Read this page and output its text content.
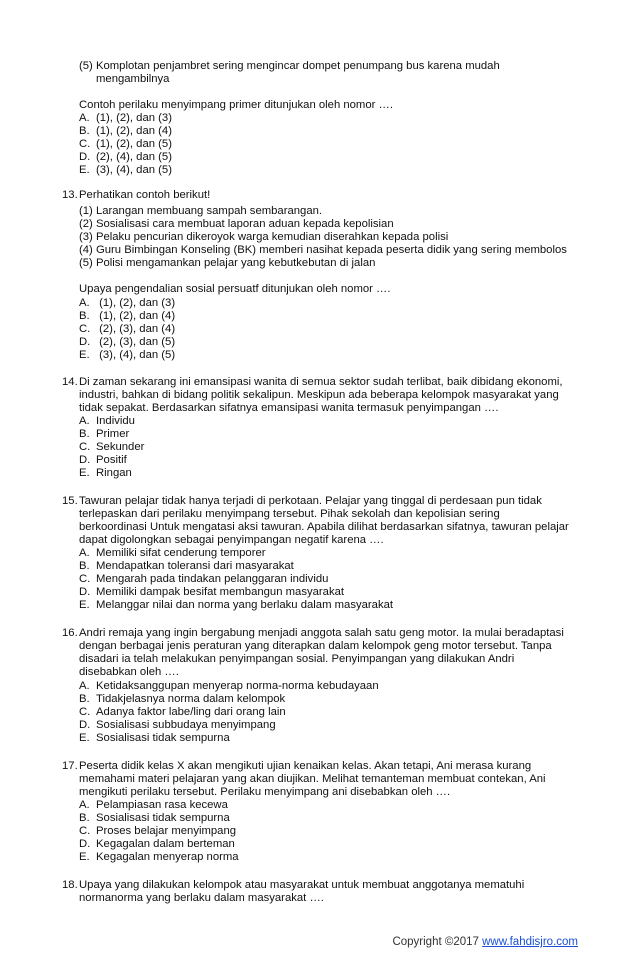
(5) Komplotan penjambret sering mengincar dompet penumpang bus karena mudah
mengambilnya
Contoh perilaku menyimpang primer ditunjukan oleh nomor ….
A. (1), (2), dan (3)
B. (1), (2), dan (4)
C. (1), (2), dan (5)
D. (2), (4), dan (5)
E. (3), (4), dan (5)
13. Perhatikan contoh berikut!
(1) Larangan membuang sampah sembarangan.
(2) Sosialisasi cara membuat laporan aduan kepada kepolisian
(3) Pelaku pencurian dikeroyok warga kemudian diserahkan kepada polisi
(4) Guru Bimbingan Konseling (BK) memberi nasihat kepada peserta didik yang sering membolos
(5) Polisi mengamankan pelajar yang kebutkebutan di jalan
Upaya pengendalian sosial persuatf ditunjukan oleh nomor ….
A. (1), (2), dan (3)
B. (1), (2), dan (4)
C. (2), (3), dan (4)
D. (2), (3), dan (5)
E. (3), (4), dan (5)
14. Di zaman sekarang ini emansipasi wanita di semua sektor sudah terlibat, baik dibidang ekonomi,
industri, bahkan di bidang politik sekalipun. Meskipun ada beberapa kelompok masyarakat yang
tidak sepakat. Berdasarkan sifatnya emansipasi wanita termasuk penyimpangan ….
A. Individu
B. Primer
C. Sekunder
D. Positif
E. Ringan
15. Tawuran pelajar tidak hanya terjadi di perkotaan. Pelajar yang tinggal di perdesaan pun tidak
terlepaskan dari perilaku menyimpang tersebut. Pihak sekolah dan kepolisian sering
berkoordinasi Untuk mengatasi aksi tawuran. Apabila dilihat berdasarkan sifatnya, tawuran pelajar
dapat digolongkan sebagai penyimpangan negatif karena ….
A. Memiliki sifat cenderung temporer
B. Mendapatkan toleransi dari masyarakat
C. Mengarah pada tindakan pelanggaran individu
D. Memiliki dampak besifat membangun masyarakat
E. Melanggar nilai dan norma yang berlaku dalam masyarakat
16. Andri remaja yang ingin bergabung menjadi anggota salah satu geng motor. Ia mulai beradaptasi
dengan berbagai jenis peraturan yang diterapkan dalam kelompok geng motor tersebut. Tanpa
disadari ia telah melakukan penyimpangan sosial. Penyimpangan yang dilakukan Andri
disebabkan oleh ….
A. Ketidaksanggupan menyerap norma-norma kebudayaan
B. Tidakjelasnya norma dalam kelompok
C. Adanya faktor labe/ling dari orang lain
D. Sosialisasi subbudaya menyimpang
E. Sosialisasi tidak sempurna
17. Peserta didik kelas X akan mengikuti ujian kenaikan kelas. Akan tetapi, Ani merasa kurang
memahami materi pelajaran yang akan diujikan. Melihat temanteman membuat contekan, Ani
mengikuti perilaku tersebut. Perilaku menyimpang ani disebabkan oleh ….
A. Pelampiasan rasa kecewa
B. Sosialisasi tidak sempurna
C. Proses belajar menyimpang
D. Kegagalan dalam berteman
E. Kegagalan menyerap norma
18. Upaya yang dilakukan kelompok atau masyarakat untuk membuat anggotanya mematuhi
normanorma yang berlaku dalam masyarakat ….
Copyright ©2017 www.fahdisjro.com
